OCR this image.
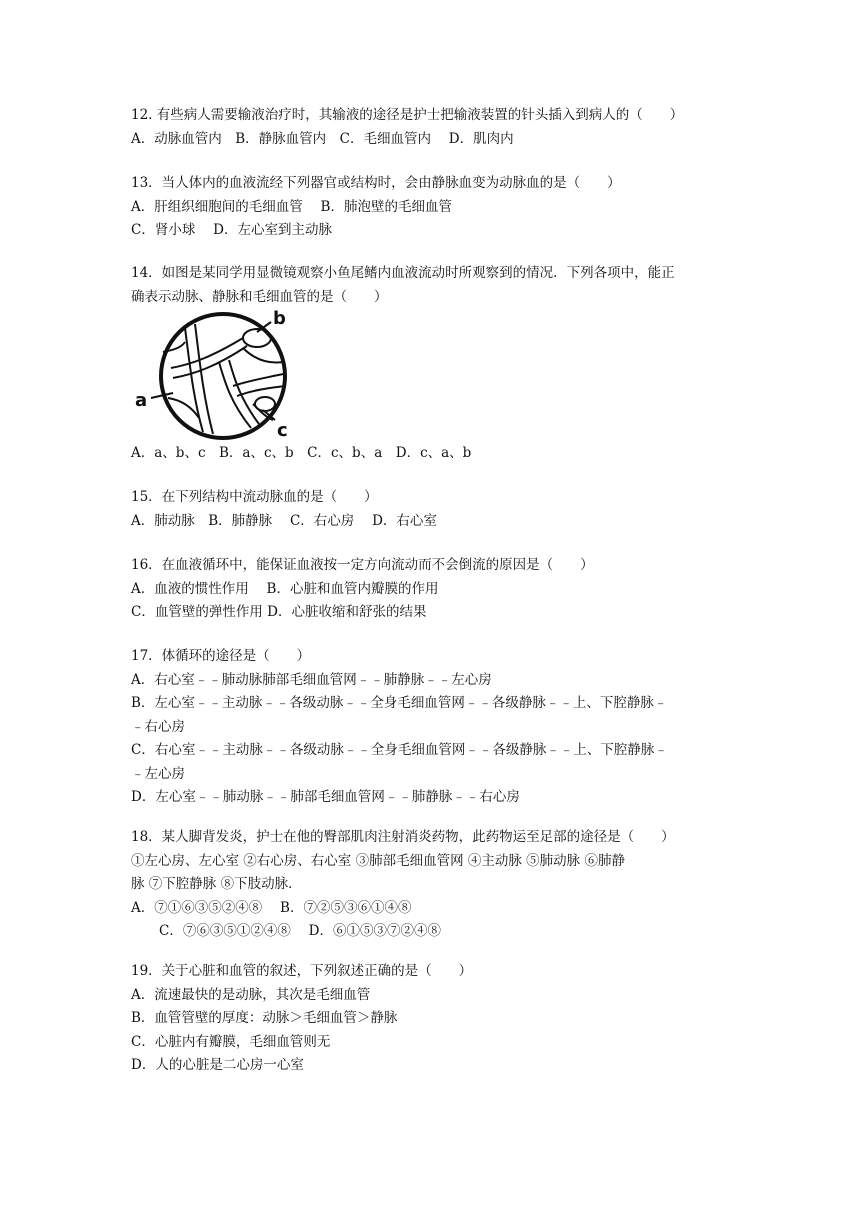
12. 有些病人需要输液治疗时，其输液的途径是护士把输液装置的针头插入到病人的（　　）
A．动脉血管内　B．静脉血管内　C．毛细血管内　 D．肌肉内
13．当人体内的血液流经下列器官或结构时，会由静脉血变为动脉血的是（　　）
A．肝组织细胞间的毛细血管　 B．肺泡壁的毛细血管
C．肾小球　 D．左心室到主动脉
14．如图是某同学用显微镜观察小鱼尾鳍内血液流动时所观察到的情况．下列各项中，能正
确表示动脉、静脉和毛细血管的是（　　）
b
a
c
A．a、b、c　B．a、c、b　C．c、b、a　D．c、a、b
15．在下列结构中流动脉血的是（　　）
A．肺动脉　B．肺静脉　 C．右心房　 D．右心室
16．在血液循环中，能保证血液按一定方向流动而不会倒流的原因是（　　）
A．血液的惯性作用　 B．心脏和血管内瓣膜的作用
C．血管壁的弹性作用 D．心脏收缩和舒张的结果
17．体循环的途径是（　　）
A．右心室﹣﹣肺动脉肺部毛细血管网﹣﹣肺静脉﹣﹣左心房
B．左心室﹣﹣主动脉﹣﹣各级动脉﹣﹣全身毛细血管网﹣﹣各级静脉﹣﹣上、下腔静脉﹣
﹣右心房
C．右心室﹣﹣主动脉﹣﹣各级动脉﹣﹣全身毛细血管网﹣﹣各级静脉﹣﹣上、下腔静脉﹣
﹣左心房
D．左心室﹣﹣肺动脉﹣﹣肺部毛细血管网﹣﹣肺静脉﹣﹣右心房
18．某人脚背发炎，护士在他的臀部肌肉注射消炎药物，此药物运至足部的途径是（　　）
①左心房、左心室 ②右心房、右心室 ③肺部毛细血管网 ④主动脉 ⑤肺动脉 ⑥肺静
脉 ⑦下腔静脉 ⑧下肢动脉．
A．⑦①⑥③⑤②④⑧　 B．⑦②⑤③⑥①④⑧
C．⑦⑥③⑤①②④⑧　 D．⑥①⑤③⑦②④⑧
19．关于心脏和血管的叙述，下列叙述正确的是（　　）
A．流速最快的是动脉，其次是毛细血管
B．血管管壁的厚度：动脉＞毛细血管＞静脉
C．心脏内有瓣膜，毛细血管则无
D．人的心脏是二心房一心室
